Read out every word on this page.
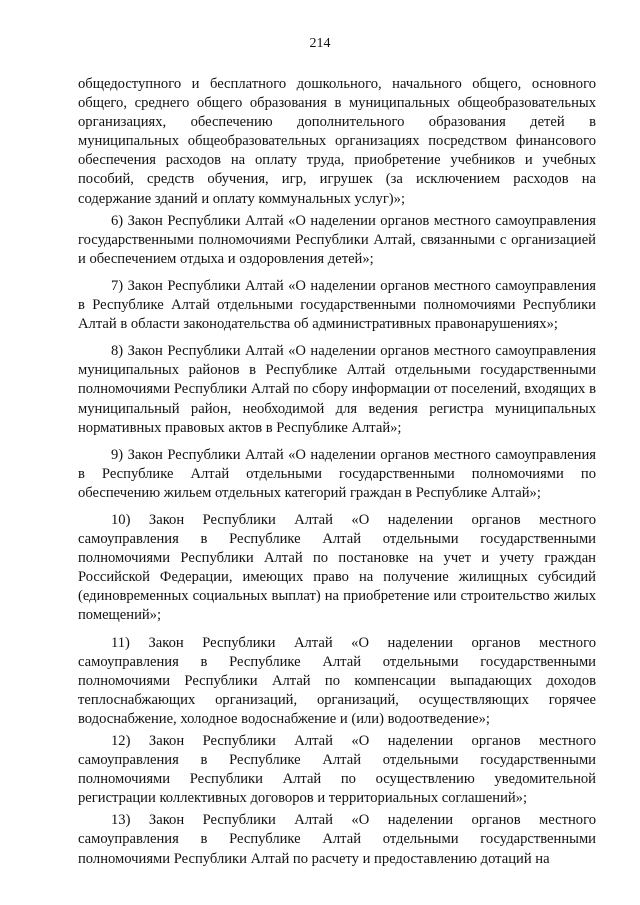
214

общедоступного и бесплатного дошкольного, начального общего, основного общего, среднего общего образования в муниципальных общеобразовательных организациях, обеспечению дополнительного образования детей в муниципальных общеобразовательных организациях посредством финансового обеспечения расходов на оплату труда, приобретение учебников и учебных пособий, средств обучения, игр, игрушек (за исключением расходов на содержание зданий и оплату коммунальных услуг)»;

6) Закон Республики Алтай «О наделении органов местного самоуправления государственными полномочиями Республики Алтай, связанными с организацией и обеспечением отдыха и оздоровления детей»;

7) Закон Республики Алтай «О наделении органов местного самоуправления в Республике Алтай отдельными государственными полномочиями Республики Алтай в области законодательства об административных правонарушениях»;

8) Закон Республики Алтай «О наделении органов местного самоуправления муниципальных районов в Республике Алтай отдельными государственными полномочиями Республики Алтай по сбору информации от поселений, входящих в муниципальный район, необходимой для ведения регистра муниципальных нормативных правовых актов в Республике Алтай»;

9) Закон Республики Алтай «О наделении органов местного самоуправления в Республике Алтай отдельными государственными полномочиями по обеспечению жильем отдельных категорий граждан в Республике Алтай»;

10) Закон Республики Алтай «О наделении органов местного самоуправления в Республике Алтай отдельными государственными полномочиями Республики Алтай по постановке на учет и учету граждан Российской Федерации, имеющих право на получение жилищных субсидий (единовременных социальных выплат) на приобретение или строительство жилых помещений»;

11) Закон Республики Алтай «О наделении органов местного самоуправления в Республике Алтай отдельными государственными полномочиями Республики Алтай по компенсации выпадающих доходов теплоснабжающих организаций, организаций, осуществляющих горячее водоснабжение, холодное водоснабжение и (или) водоотведение»;

12) Закон Республики Алтай «О наделении органов местного самоуправления в Республике Алтай отдельными государственными полномочиями Республики Алтай по осуществлению уведомительной регистрации коллективных договоров и территориальных соглашений»;

13) Закон Республики Алтай «О наделении органов местного самоуправления в Республике Алтай отдельными государственными полномочиями Республики Алтай по расчету и предоставлению дотаций на
